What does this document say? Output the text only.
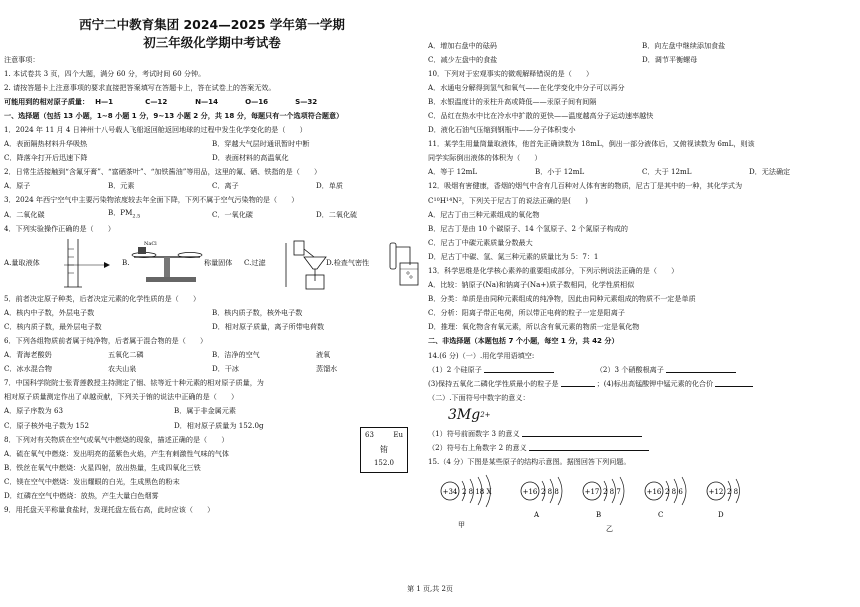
西宁二中教育集团 2024—2025 学年第一学期
初三年级化学期中考试卷
注意事项：
1. 本试卷共 3 页，四个大题，满分 60 分，考试时间 60 分钟。
2. 请按答题卡上注意事项的要求直接把答案填写在答题卡上，答在试卷上的答案无效。
可能用到的相对原子质量： H—1	C—12	N—14	O—16	S—32
一、选择题（包括 13 小题，1~8 小题 1 分，9~13 小题 2 分，共 18 分，每题只有一个选项符合题意）
1．2024 年 11 月 4 日神州十八号载人飞船返回舱返回地球的过程中发生化学变化的是（　　）
A．表面隔热材料升华吸热	B．穿越大气层时通讯暂时中断
C．降落伞打开后迅速下降	D．表面材料的高温氧化
2．日常生活接触到“含氟牙膏”、“富硒茶叶”、“加铁酱油”等用品，这里的氟、硒、铁指的是（　　）
A．原子	B．元素	C．离子	D．单质
3．2024 年西宁空气中主要污染物浓度较去年全面下降，下列不属于空气污染物的是（　　）
A．二氧化碳	B．$PM_{2.5}$	C．一氧化碳	D．二氧化硫
4．下列实验操作正确的是（　　）
NaCl
A.量取液体	B.	称量固体 C.过滤	D.检查气密性
5．前者决定原子种类，后者决定元素的化学性质的是（　　）
A．核内中子数，外层电子数	B．核内质子数，核外电子数
C．核内质子数，最外层电子数	D．相对原子质量，离子所带电荷数
6．下列各组物质前者属于纯净物，后者属于混合物的是（　　）
A．青海老酸奶	五氧化二磷	B．洁净的空气	液氧
C．冰水混合物	农夫山泉	D．干冰	蒸馏水
7．中国科学院院士张青莲教授主持测定了铟、铱等近十种元素的相对原子质量，为
相对原子质量测定作出了卓越贡献，下列关于铕的说法中正确的是（　　）
A．原子序数为 63	B．属于非金属元素
C．原子核外电子数为 152	D．相对原子质量为 152.0g
8．下列对有关物质在空气或氧气中燃烧的现象，描述正确的是（　　）
A．硫在氧气中燃烧：发出明亮的蓝紫色火焰，产生有刺激性气味的气体
B．铁丝在氧气中燃烧：火星四射，放出热量，生成四氧化三铁
C．镁在空气中燃烧：发出耀眼的白光，生成黑色的粉末
D．红磷在空气中燃烧：放热，产生大量白色烟雾
9．用托盘天平称量食盐时，发现托盘左低右高，此时应该（　　）
63	Eu
铕
152.0
A．增加右盘中的砝码	B．向左盘中继续添加食盐
C．减少左盘中的食盐	D．调节平衡螺母
10．下列对于宏观事实的微观解释错误的是（　　）
A．水通电分解得到氢气和氧气——在化学变化中分子可以再分
B．水银温度计的汞柱升高或降低——汞原子间有间隔
C．品红在热水中比在冷水中扩散的更快——温度越高分子运动速率越快
D．液化石油气压缩到钢瓶中——分子体积变小
11．某学生用量筒量取液体，他首先正确读数为 18mL，倒出一部分液体后，又俯视读数为 6mL，则该
同学实际倒出液体的体积为（　　）
A．等于 12mL	B．小于 12mL	C．大于 12mL	D．无法确定
12．吸烟有害健康，香烟的烟气中含有几百种对人体有害的物质，尼古丁是其中的一种，其化学式为
C 10 H 14 N 2 ，下列关于尼古丁的说法正确的是(　　)
A．尼古丁由三种元素组成的氧化物
B．尼古丁是由 10 个碳原子、14 个氢原子、2 个氮原子构成的
C．尼古丁中碳元素质量分数最大
D．尼古丁中碳、氢、氮三种元素的质量比为 5：7：1
13．科学思维是化学核心素养的重要组成部分，下列示例说法正确的是（　　）
A．比较：钠原子(Na)和钠离子(Na+)质子数相同，化学性质相似
B．分类：单质是由同种元素组成的纯净物，因此由同种元素组成的物质不一定是单质
C．分析：阳离子带正电荷，所以带正电荷的粒子一定是阳离子
D．推理：氧化物含有氧元素，所以含有氧元素的物质一定是氧化物
二、非选择题（本题包括 7 个小题，每空 1 分，共 42 分）
14.(6 分)（一）.用化学用语填空:
（1）2 个硅原子	（2）3 个硝酸根离子
(3)保持五氧化二磷化学性质最小的粒子是	；(4)标出高锰酸钾中锰元素的化合价
（二）.下面符号中数字的意义：
3Mg 2+
（1）符号前面数字 3 的意义
（2）符号右上角数字 2 的意义
15.（4 分）下图是某些原子的结构示意图。据图回答下列问题。
+34 2 8 18 X
甲
+16 2 8 8
A
+17 2 8 7
B
乙
+16 2 8 6
C
+12 2 8
D
第 1 页,共 2页
